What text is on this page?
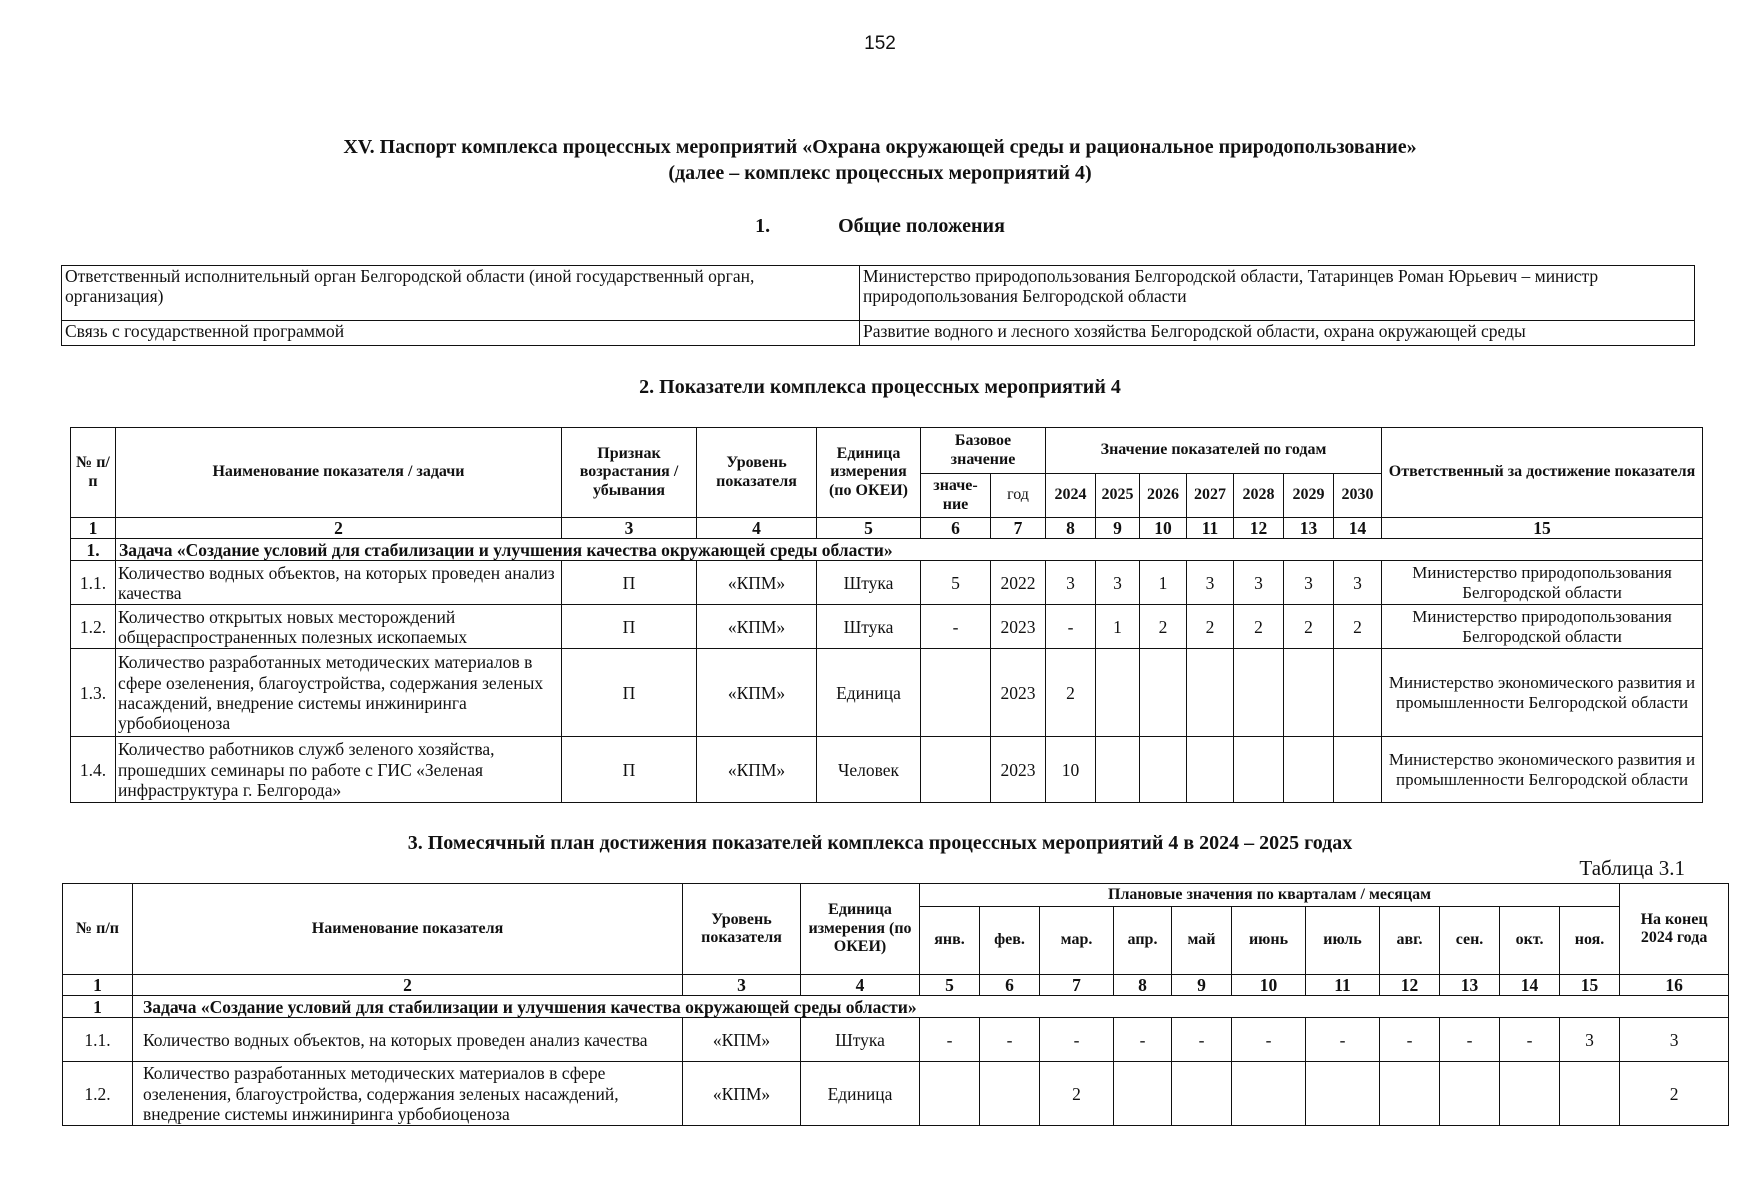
152
XV. Паспорт комплекса процессных мероприятий «Охрана окружающей среды и рациональное природопользование»
(далее – комплекс процессных мероприятий 4)
1.	Общие положения
Ответственный исполнительный орган Белгородской области (иной государственный орган, организация)	Министерство природопользования Белгородской области, Татаринцев Роман Юрьевич – министр природопользования Белгородской области
Связь с государственной программой	Развитие водного и лесного хозяйства Белгородской области, охрана окружающей среды
2. Показатели комплекса процессных мероприятий 4
№ п/п	Наименование показателя / задачи	Признак возрастания / убывания	Уровень показателя	Единица измерения (по ОКЕИ)	Базовое значение		Значение показателей по годам							Ответственный за достижение показателя
					значе-ние	год	2024	2025	2026	2027	2028	2029	2030	
1	2	3	4	5	6	7	8	9	10	11	12	13	14	15
1.	Задача «Создание условий для стабилизации и улучшения качества окружающей среды области»													
1.1.	Количество водных объектов, на которых проведен анализ качества	П	«КПМ»	Штука	5	2022	3	3	1	3	3	3	3	Министерство природопользования Белгородской области
1.2.	Количество открытых новых месторождений общераспространенных полезных ископаемых	П	«КПМ»	Штука	-	2023	-	1	2	2	2	2	2	Министерство природопользования Белгородской области
1.3.	Количество разработанных методических материалов в сфере озеленения, благоустройства, содержания зеленых насаждений, внедрение системы инжиниринга урбобиоценоза	П	«КПМ»	Единица		2023	2							Министерство экономического развития и промышленности Белгородской области
1.4.	Количество работников служб зеленого хозяйства, прошедших семинары по работе с ГИС «Зеленая инфраструктура г. Белгорода»	П	«КПМ»	Человек		2023	10							Министерство экономического развития и промышленности Белгородской области
3. Помесячный план достижения показателей комплекса процессных мероприятий 4 в 2024 – 2025 годах
Таблица 3.1
№ п/п	Наименование показателя	Уровень показателя	Единица измерения (по ОКЕИ)	Плановые значения по кварталам / месяцам											На конец 2024 года
				янв.	фев.	мар.	апр.	май	июнь	июль	авг.	сен.	окт.	ноя.	
1	2	3	4	5	6	7	8	9	10	11	12	13	14	15	16
1	Задача «Создание условий для стабилизации и улучшения качества окружающей среды области»														
1.1.	Количество водных объектов, на которых проведен анализ качества	«КПМ»	Штука	-	-	-	-	-	-	-	-	-	-	3	3
1.2.	Количество разработанных методических материалов в сфере озеленения, благоустройства, содержания зеленых насаждений, внедрение системы инжиниринга урбобиоценоза	«КПМ»	Единица			2									2
